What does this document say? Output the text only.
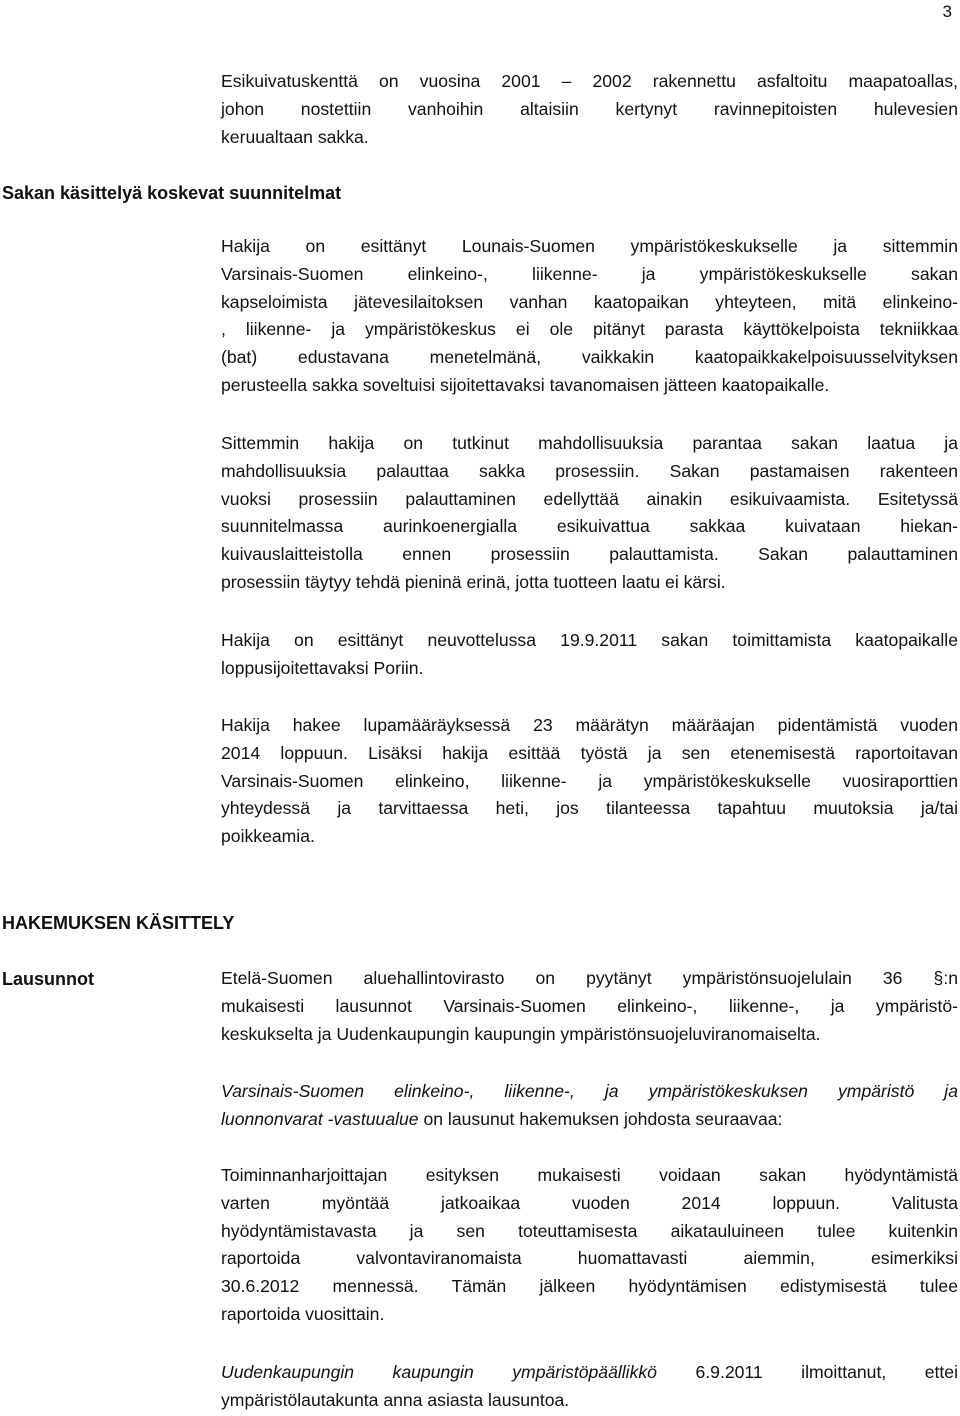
3
Esikuivatuskenttä on vuosina 2001 – 2002 rakennettu asfaltoitu maapatoallas,
johon nostettiin vanhoihin altaisiin kertynyt ravinnepitoisten hulevesien
keruualtaan sakka.
Sakan käsittelyä koskevat suunnitelmat
Hakija on esittänyt Lounais-Suomen ympäristökeskukselle ja sittemmin
Varsinais-Suomen elinkeino-, liikenne- ja ympäristökeskukselle sakan
kapseloimista jätevesilaitoksen vanhan kaatopaikan yhteyteen, mitä elinkeino-
, liikenne- ja ympäristökeskus ei ole pitänyt parasta käyttökelpoista tekniikkaa
(bat) edustavana menetelmänä, vaikkakin kaatopaikkakelpoisuusselvityksen
perusteella sakka soveltuisi sijoitettavaksi tavanomaisen jätteen kaatopaikalle.
Sittemmin hakija on tutkinut mahdollisuuksia parantaa sakan laatua ja
mahdollisuuksia palauttaa sakka prosessiin. Sakan pastamaisen rakenteen
vuoksi prosessiin palauttaminen edellyttää ainakin esikuivaamista. Esitetyssä
suunnitelmassa aurinkoenergialla esikuivattua sakkaa kuivataan hiekan-
kuivauslaitteistolla ennen prosessiin palauttamista. Sakan palauttaminen
prosessiin täytyy tehdä pieninä erinä, jotta tuotteen laatu ei kärsi.
Hakija on esittänyt neuvottelussa 19.9.2011 sakan toimittamista kaatopaikalle
loppusijoitettavaksi Poriin.
Hakija hakee lupamääräyksessä 23 määrätyn määräajan pidentämistä vuoden
2014 loppuun. Lisäksi hakija esittää työstä ja sen etenemisestä raportoitavan
Varsinais-Suomen elinkeino, liikenne- ja ympäristökeskukselle vuosiraporttien
yhteydessä ja tarvittaessa heti, jos tilanteessa tapahtuu muutoksia ja/tai
poikkeamia.
HAKEMUKSEN KÄSITTELY
Lausunnot	Etelä-Suomen aluehallintovirasto on pyytänyt ympäristönsuojelulain 36 §:n
mukaisesti lausunnot Varsinais-Suomen elinkeino-, liikenne-, ja ympäristö-
keskukselta ja Uudenkaupungin kaupungin ympäristönsuojeluviranomaiselta.
Varsinais-Suomen elinkeino-, liikenne-, ja ympäristökeskuksen ympäristö ja
luonnonvarat -vastuualue on lausunut hakemuksen johdosta seuraavaa:
Toiminnanharjoittajan esityksen mukaisesti voidaan sakan hyödyntämistä
varten myöntää jatkoaikaa vuoden 2014 loppuun. Valitusta
hyödyntämistavasta ja sen toteuttamisesta aikatauluineen tulee kuitenkin
raportoida valvontaviranomaista huomattavasti aiemmin, esimerkiksi
30.6.2012 mennessä. Tämän jälkeen hyödyntämisen edistymisestä tulee
raportoida vuosittain.
Uudenkaupungin kaupungin ympäristöpäällikkö 6.9.2011 ilmoittanut, ettei
ympäristölautakunta anna asiasta lausuntoa.
